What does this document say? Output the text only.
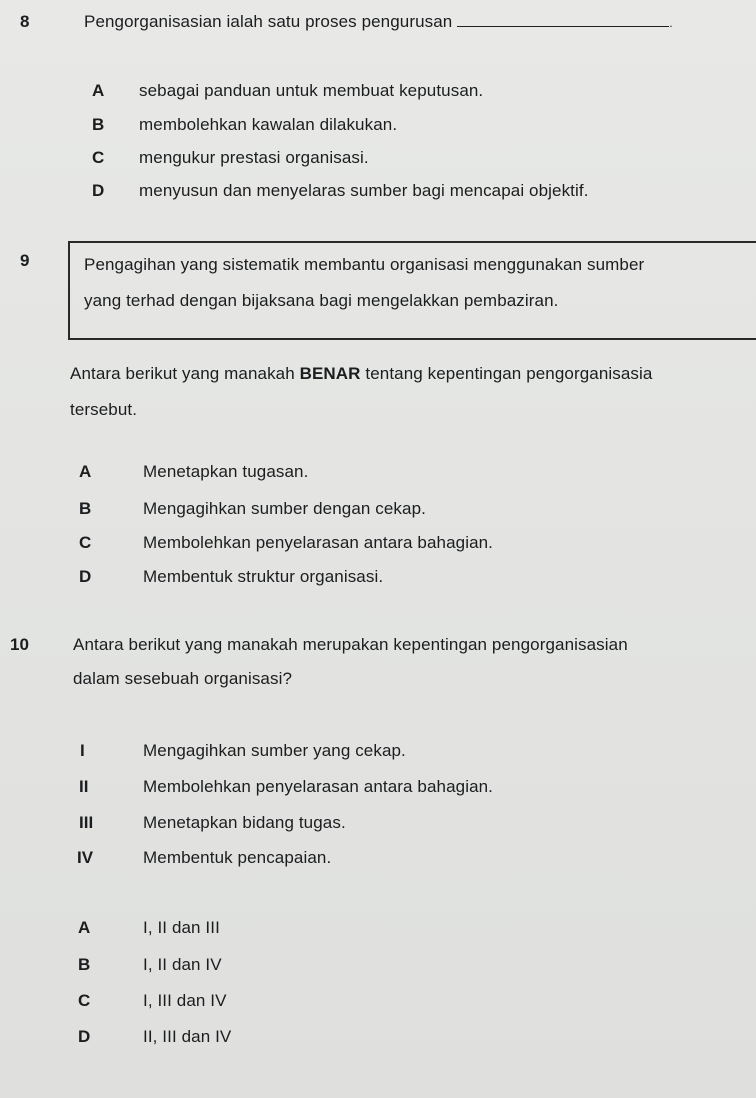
8	Pengorganisasian ialah satu proses pengurusan	.
A sebagai panduan untuk membuat keputusan.
B membolehkan kawalan dilakukan.
C mengukur prestasi organisasi.
D menyusun dan menyelaras sumber bagi mencapai objektif.
9	Pengagihan yang sistematik membantu organisasi menggunakan sumber
yang terhad dengan bijaksana bagi mengelakkan pembaziran.
Antara berikut yang manakah BENAR tentang kepentingan pengorganisasia
tersebut.
A	Menetapkan tugasan.
B	Mengagihkan sumber dengan cekap.
C	Membolehkan penyelarasan antara bahagian.
D	Membentuk struktur organisasi.
10	Antara berikut yang manakah merupakan kepentingan pengorganisasian
dalam sesebuah organisasi?
I	Mengagihkan sumber yang cekap.
II	Membolehkan penyelarasan antara bahagian.
III	Menetapkan bidang tugas.
IV	Membentuk pencapaian.
A	I, II dan III
B	I, II dan IV
C	I, III dan IV
D	II, III dan IV
